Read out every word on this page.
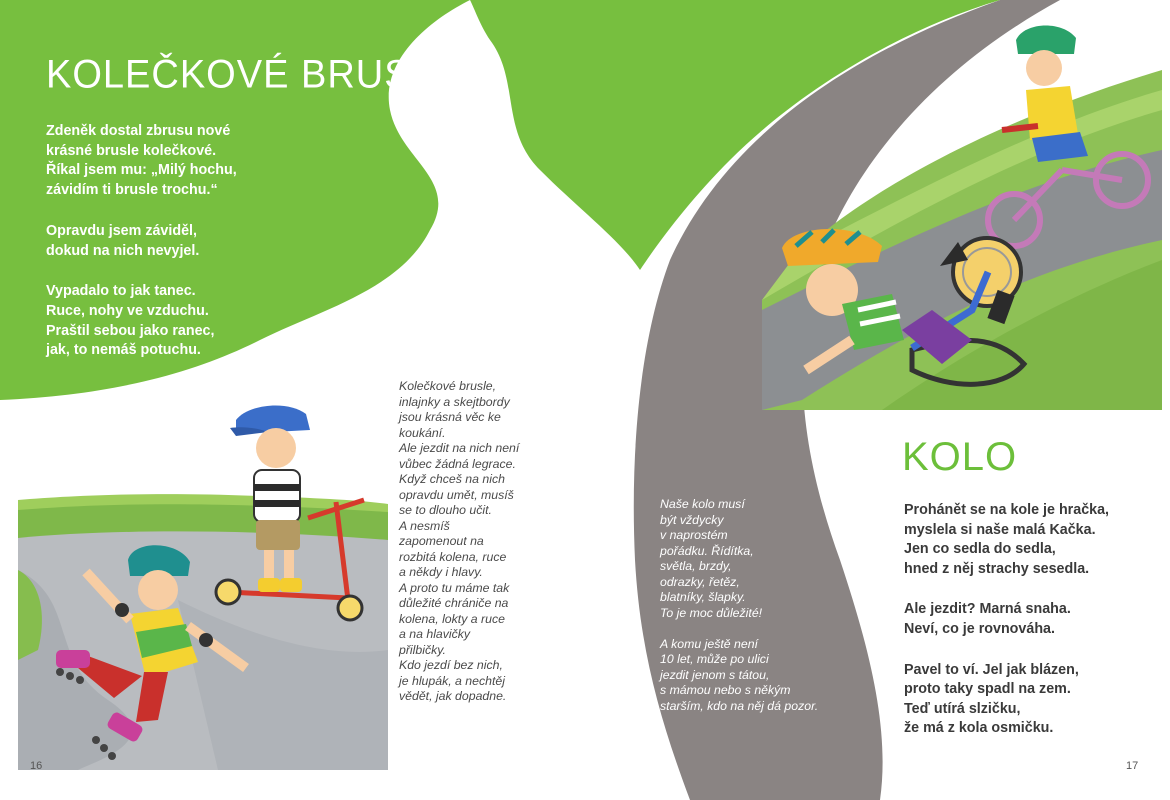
KOLEČKOVÉ BRUSLE

Zdeněk dostal zbrusu nové
krásné brusle kolečkové.
Říkal jsem mu: „Milý hochu,
závidím ti brusle trochu.“

Opravdu jsem záviděl,
dokud na nich nevyjel.

Vypadalo to jak tanec.
Ruce, nohy ve vzduchu.
Praštil sebou jako ranec,
jak, to nemáš potuchu.

Kolečkové brusle,
inlajnky a skejtbordy
jsou krásná věc ke
koukání.
Ale jezdit na nich není
vůbec žádná legrace.
Když chceš na nich
opravdu umět, musíš
se to dlouho učit.
A nesmíš
zapomenout na
rozbitá kolena, ruce
a někdy i hlavy.
A proto tu máme tak
důležité chrániče na
kolena, lokty a ruce
a na hlavičky
přilbičky.
Kdo jezdí bez nich,
je hlupák, a nechtěj
vědět, jak dopadne.
KOLO

Naše kolo musí
být vždycky
v naprostém
pořádku. Řídítka,
světla, brzdy,
odrazky, řetěz,
blatníky, šlapky.
To je moc důležité!

A komu ještě není
10 let, může po ulici
jezdit jenom s tátou,
s mámou nebo s někým
starším, kdo na něj dá pozor.

Prohánět se na kole je hračka,
myslela si naše malá Kačka.
Jen co sedla do sedla,
hned z něj strachy sesedla.

Ale jezdit? Marná snaha.
Neví, co je rovnováha.

Pavel to ví. Jel jak blázen,
proto taky spadl na zem.
Teď utírá slzičku,
že má z kola osmičku.

16	17
